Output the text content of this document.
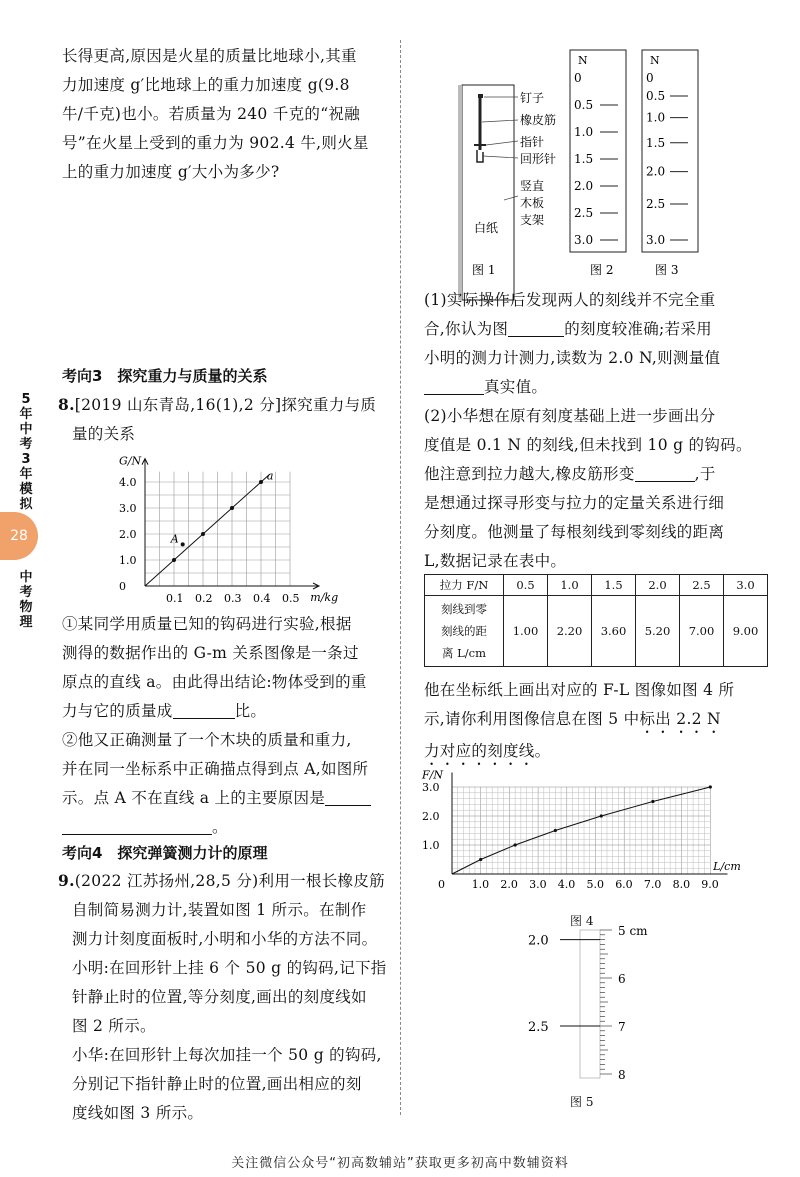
5
年
中
考
3
年
模
拟
28
中
考
物
理

长得更高,原因是火星的质量比地球小,其重

力加速度 g′比地球上的重力加速度 g(9.8

牛/千克)也小。若质量为 240 千克的“祝融

号”在火星上受到的重力为 902.4 牛,则火星

上的重力加速度 g′大小为多少?

考向3　探究重力与质量的关系

8.[2019 山东青岛,16(1),2 分]探究重力与质

量的关系

G/N
m/kg
0.1 0.2 0.3 0.4 0.5
0
1.0
2.0
3.0
4.0
a
A

①某同学用质量已知的钩码进行实验,根据

测得的数据作出的 G-m 关系图像是一条过

原点的直线 a。由此得出结论:物体受到的重

力与它的质量成	比。

②他又正确测量了一个木块的质量和重力,

并在同一坐标系中正确描点得到点 A,如图所

示。点 A 不在直线 a 上的主要原因是

。

考向4　探究弹簧测力计的原理

9.(2022 江苏扬州,28,5 分)利用一根长橡皮筋

自制简易测力计,装置如图 1 所示。在制作

测力计刻度面板时,小明和小华的方法不同。

小明:在回形针上挂 6 个 50 g 的钩码,记下指

针静止时的位置,等分刻度,画出的刻度线如

图 2 所示。

小华:在回形针上每次加挂一个 50 g 的钩码,

分别记下指针静止时的位置,画出相应的刻

度线如图 3 所示。

钉子
橡皮筋
指针
回形针
竖直
木板
支架
白纸
图 1
N
0
0.5
1.0
1.5
2.0
2.5
3.0
图 2
N
0
0.5
1.0
1.5
2.0
2.5
3.0
图 3

(1)实际操作后发现两人的刻线并不完全重

合,你认为图	的刻度较准确;若采用

小明的测力计测力,读数为 2.0 N,则测量值

真实值。

(2)小华想在原有刻度基础上进一步画出分

度值是 0.1 N 的刻线,但未找到 10 g 的钩码。

他注意到拉力越大,橡皮筋形变	,于

是想通过探寻形变与拉力的定量关系进行细

分刻度。他测量了每根刻线到零刻线的距离

L,数据记录在表中。

拉力 F/N	0.5	1.0	1.5	2.0	2.5	3.0

刻线到零
刻线的距
离 L/cm	1.00	2.20	3.60	5.20	7.00	9.00

他在坐标纸上画出对应的 F-L 图像如图 4 所

示,请你利用图像信息在图 5 中标出 2.2 N

力对应的刻度线。

F/N
L/cm
0 1.0 2.0 3.0 4.0 5.0 6.0 7.0 8.0 9.0
1.0
2.0
3.0
图 4
5 cm
6
7
8
2.0
2.5
图 5
关注微信公众号“初高数辅站”获取更多初高中数辅资料
